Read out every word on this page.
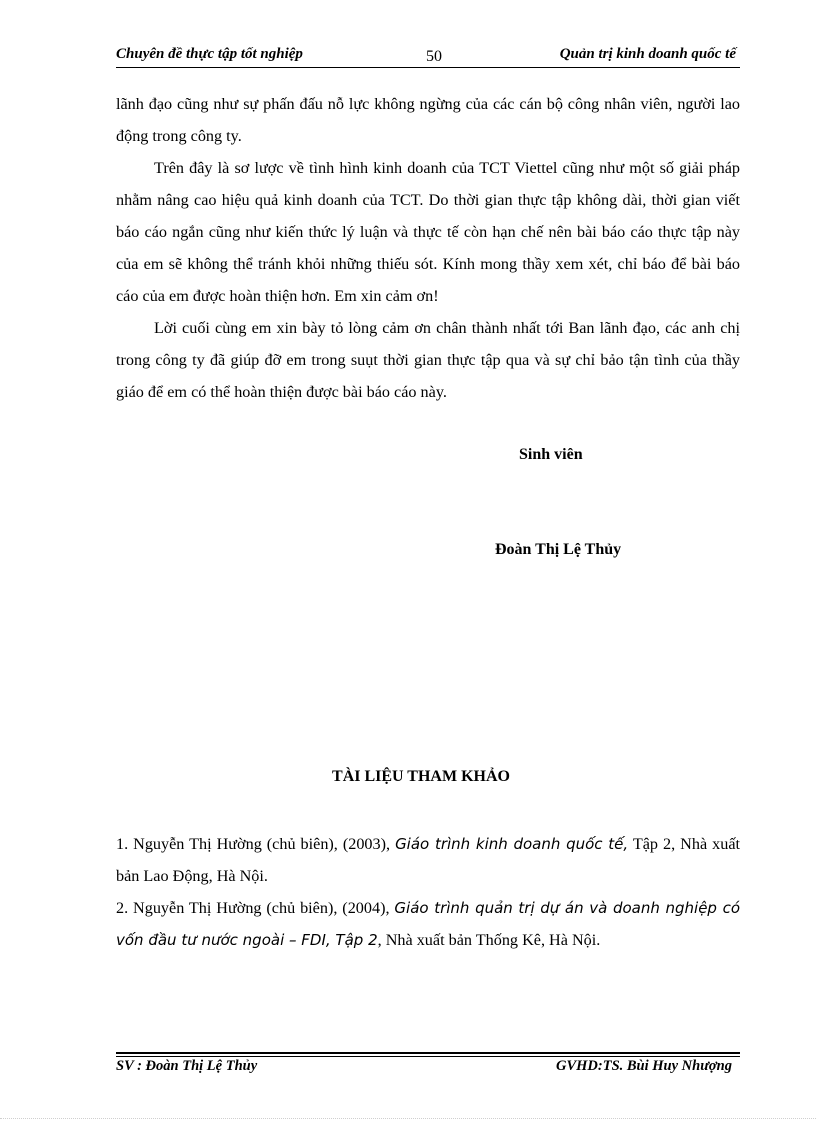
Chuyên đề thực tập tốt nghiệp	50	Quản trị kinh doanh quốc tế

lãnh đạo cũng như sự phấn đấu nỗ lực không ngừng của các cán bộ công nhân viên, người lao động trong công ty.

Trên đây là sơ lược về tình hình kinh doanh của TCT Viettel cũng như một số giải pháp nhằm nâng cao hiệu quả kinh doanh của TCT. Do thời gian thực tập không dài, thời gian viết báo cáo ngắn cũng như kiến thức lý luận và thực tế còn hạn chế nên bài báo cáo thực tập này của em sẽ không thể tránh khỏi những thiếu sót. Kính mong thầy xem xét, chỉ báo để bài báo cáo của em được hoàn thiện hơn. Em xin cảm ơn!

Lời cuối cùng em xin bày tỏ lòng cảm ơn chân thành nhất tới Ban lãnh đạo, các anh chị trong công ty đã giúp đỡ em trong suụt thời gian thực tập qua và sự chỉ bảo tận tình của thầy giáo để em có thể hoàn thiện được bài báo cáo này.

Sinh viên
Đoàn Thị Lệ Thủy
TÀI LIỆU THAM KHẢO

1. Nguyễn Thị Hường (chủ biên), (2003), Giáo trình kinh doanh quốc tế, Tập 2, Nhà xuất bản Lao Động, Hà Nội.

2. Nguyễn Thị Hường (chủ biên), (2004), Giáo trình quản trị dự án và doanh nghiệp có vốn đầu tư nước ngoài – FDI, Tập 2, Nhà xuất bản Thống Kê, Hà Nội.

SV : Đoàn Thị Lệ Thủy	GVHD:TS. Bùi Huy Nhượng
